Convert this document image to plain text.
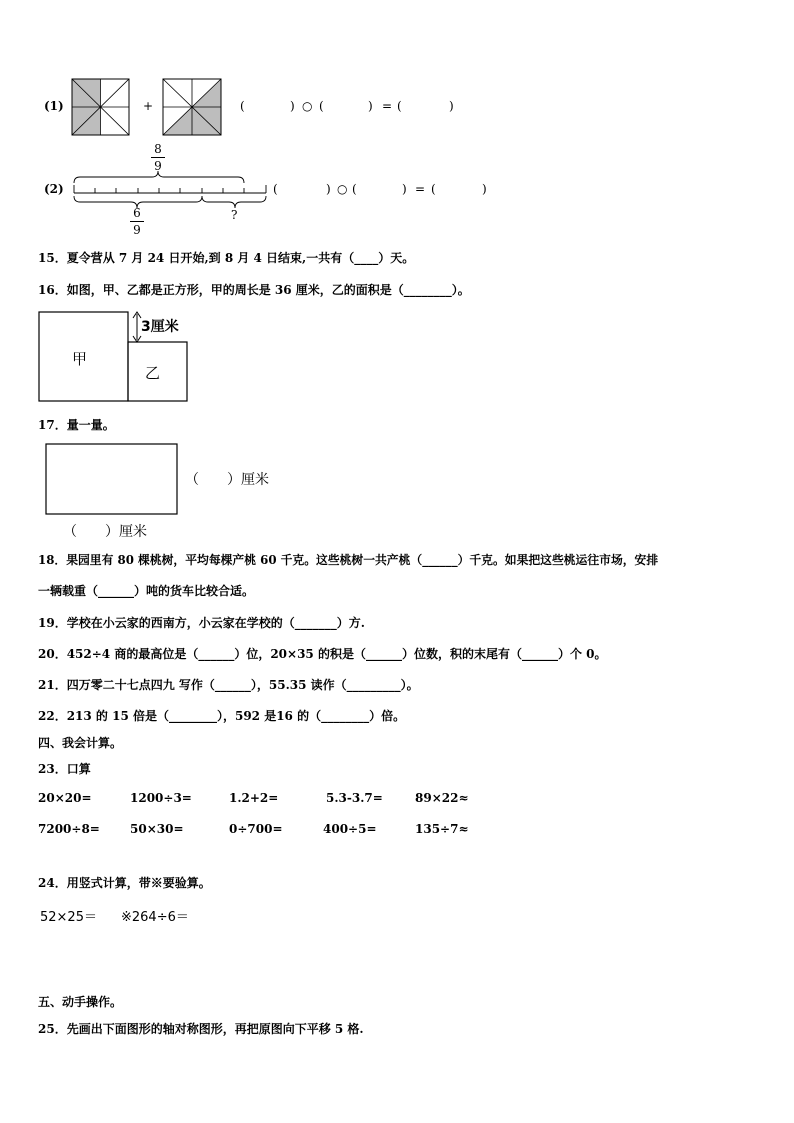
(1)	+	(	) ○ (	) = (	)
(2)
8
9
6
9
?
(	) ○ (	) = (	)
15．夏令营从 7 月 24 日开始,到 8 月 4 日结束,一共有（____）天。
16．如图，甲、乙都是正方形，甲的周长是 36 厘米，乙的面积是（________）。
甲
乙
3厘米
17．量一量。
（　　）厘米
（　　）厘米
18．果园里有 80 棵桃树，平均每棵产桃 60 千克。这些桃树一共产桃（______）千克。如果把这些桃运往市场，安排
一辆载重（______）吨的货车比较合适。
19．学校在小云家的西南方，小云家在学校的（_______）方.
20．452÷4 商的最高位是（______）位，20×35 的积是（______）位数，积的末尾有（______）个 0。
21．四万零二十七点四九 写作（______），55.35 读作（_________）。
22．213 的 15 倍是（________），592 是16 的（________）倍。
四、我会计算。
23．口算
20×20=	1200÷3=	1.2+2=	5.3-3.7=	89×22≈
7200÷8=	50×30=	0÷700=	400÷5=	135÷7≈
24．用竖式计算，带※要验算。
52×25＝ ※264÷6＝
五、动手操作。
25．先画出下面图形的轴对称图形，再把原图向下平移 5 格.
